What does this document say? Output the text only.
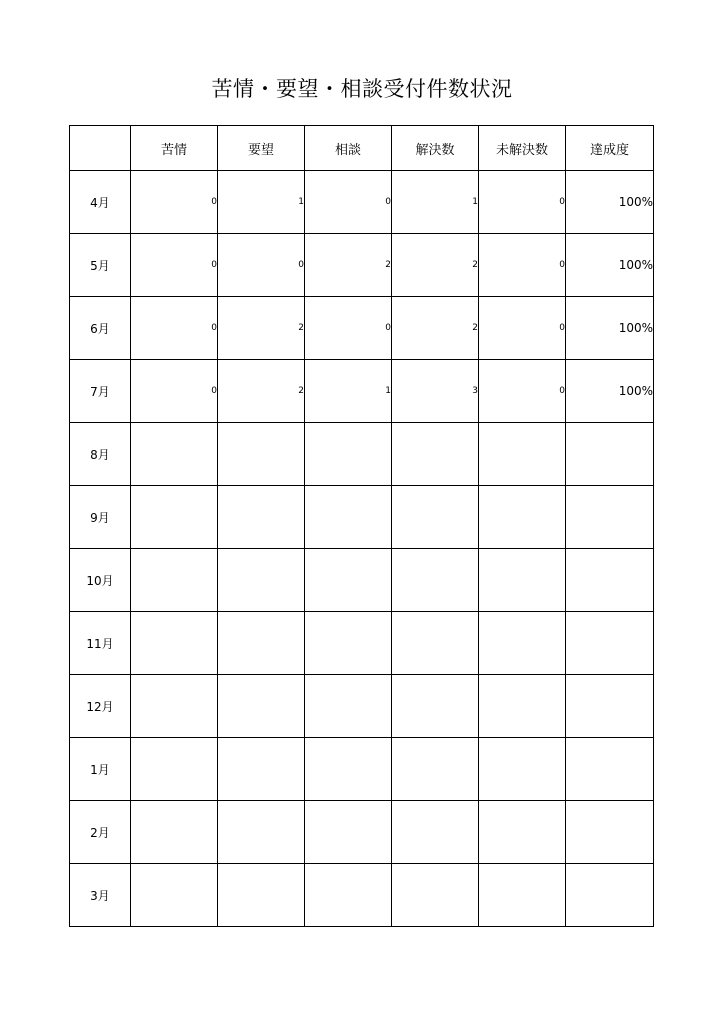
苦情・要望・相談受付件数状況
	苦情	要望	相談	解決数	未解決数	達成度
4月	0	1	0	1	0	100%
5月	0	0	2	2	0	100%
6月	0	2	0	2	0	100%
7月	0	2	1	3	0	100%
8月						
9月						
10月						
11月						
12月						
1月						
2月						
3月						
